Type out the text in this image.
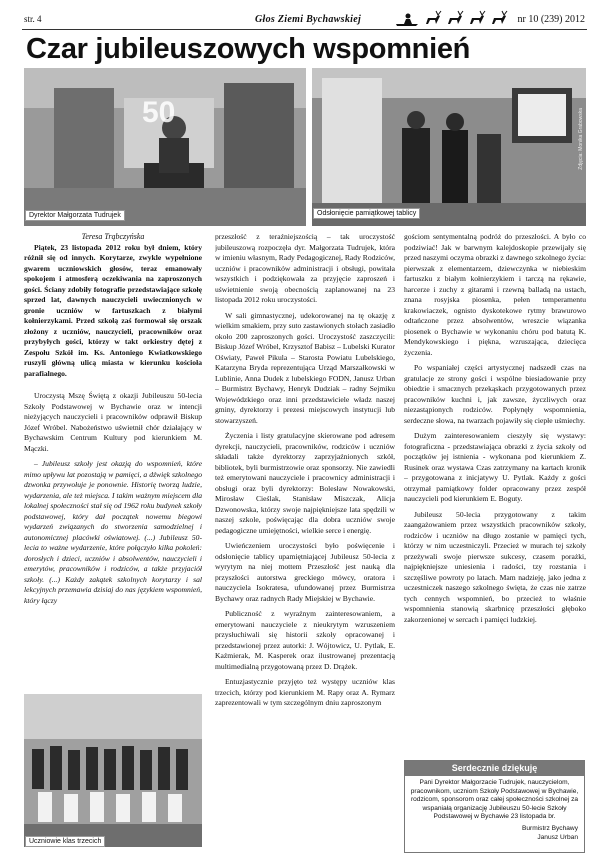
str. 4	Głos Ziemi Bychawskiej	nr 10 (239) 2012
Czar jubileuszowych wspomnień
50
Dyrektor Małgorzata Tudrujek
Zdjęcia: Monika Grabowska
Odsłonięcie pamiątkowej tablicy
Uczniowie klas trzecich

Teresa Trąbczyńska

Piątek, 23 listopada 2012 roku był dniem, który różnił się od innych. Korytarze, zwykle wypełnione gwarem uczniowskich głosów, teraz emanowały spokojem i atmosferą oczekiwania na zaproszonych gości. Ściany zdobiły fotografie przedstawiające szkołę sprzed lat, dawnych nauczycieli uwiecznionych w gronie uczniów w fartuszkach z białymi kołnierzykami. Przed szkołą zaś formował się orszak złożony z uczniów, nauczycieli, pracowników oraz przybyłych gości, którzy w takt orkiestry dętej z Zespołu Szkół im. Ks. Antoniego Kwiatkowskiego ruszyli główną ulicą miasta w kierunku kościoła parafialnego.

Uroczystą Mszę Świętą z okazji Jubileuszu 50-lecia Szkoły Podstawowej w Bychawie oraz w intencji nieżyjących nauczycieli i pracowników odprawił Biskup Józef Wróbel. Nabożeństwo uświetnił chór działający w Bychawskim Centrum Kultury pod kierunkiem M. Mączki.

– Jubileusz szkoły jest okazją do wspomnień, które mimo upływu lat pozostają w pamięci, a dźwięk szkolnego dzwonka przywołuje je ponownie. Historię tworzą ludzie, wydarzenia, ale też miejsca. I takim ważnym miejscem dla lokalnej społeczności stał się od 1962 roku budynek szkoły podstawowej, który dał początek nowemu biegowi wydarzeń związanych do stworzenia samodzielnej i autonomicznej placówki oświatowej. (...) Jubileusz 50-lecia to ważne wydarzenie, które połączyło kilka pokoleń: dorosłych i dzieci, uczniów i absolwentów, nauczycieli i emerytów, pracowników i rodziców, a także przyjaciół szkoły. (...) Każdy zakątek szkolnych korytarzy i sal lekcyjnych przemawia dzisiaj do nas językiem wspomnień, który łączy

przeszłość z teraźniejszością – tak uroczystość jubileuszową rozpoczęła dyr. Małgorzata Tudrujek, która w imieniu własnym, Rady Pedagogicznej, Rady Rodziców, uczniów i pracowników administracji i obsługi, powitała wszystkich i podziękowała za przyjęcie zaproszeń i uświetnienie swoją obecnością zaplanowanej na 23 listopada 2012 roku uroczystości.

W sali gimnastycznej, udekorowanej na tę okazję z wielkim smakiem, przy suto zastawionych stołach zasiadło około 200 zaproszonych gości. Uroczystość zaszczycili: Biskup Józef Wróbel, Krzysztof Babisz – Lubelski Kurator Oświaty, Paweł Pikula – Starosta Powiatu Lubelskiego, Katarzyna Bryda reprezentująca Urząd Marszałkowski w Lublinie, Anna Dudek z lubelskiego FODN, Janusz Urban – Burmistrz Bychawy, Henryk Dudziak – radny Sejmiku Wojewódzkiego oraz inni przedstawiciele władz naszej gminy, dyrektorzy i prezesi miejscowych instytucji lub stowarzyszeń.

Życzenia i listy gratulacyjne skierowane pod adresem dyrekcji, nauczycieli, pracowników, rodziców i uczniów składali także dyrektorzy zaprzyjaźnionych szkół, bibliotek, byli burmistrzowie oraz sponsorzy. Nie zawiedli też emerytowani nauczyciele i pracownicy administracji i obsługi oraz byli dyrektorzy: Bolesław Nowakowski, Mirosław Cieślak, Stanisław Miszczak, Alicja Dzwonowska, którzy swoje najpiękniejsze lata spędzili w naszej szkole, poświęcając dla dobra uczniów swoje pedagogiczne umiejętności, wielkie serce i energię.

Uwieńczeniem uroczystości było poświęcenie i odsłonięcie tablicy upamiętniającej Jubileusz 50-lecia z wyrytym na niej mottem Przeszłość jest nauką dla przyszłości autorstwa greckiego mówcy, oratora i nauczyciela Isokratesa, ufundowanej przez Burmistrza Bychawy oraz radnych Rady Miejskiej w Bychawie.

Publiczność z wyraźnym zainteresowaniem, a emerytowani nauczyciele z nieukrytym wzruszeniem przysłuchiwali się historii szkoły opracowanej i przedstawionej przez autorki: J. Wójtowicz, U. Pytlak, E. Kaźmierak, M. Kasperek oraz ilustrowanej prezentacją multimedialną przygotowaną przez D. Drążek.

Entuzjastycznie przyjęto też występy uczniów klas trzecich, którzy pod kierunkiem M. Rapy oraz A. Rymarz zaprezentowali w tym szczególnym dniu zaproszonym

gościom sentymentalną podróż do przeszłości. A było co podziwiać! Jak w barwnym kalejdoskopie przewijały się przed naszymi oczyma obrazki z dawnego szkolnego życia: pierwszak z elementarzem, dziewczynka w niebieskim fartuszku z białym kołnierzykiem i tarczą na rękawie, harcerze i zuchy z gitarami i rzewną balladą na ustach, znana rosyjska piosenka, pełen temperamentu krakowiaczek, ognisto dyskotekowe rytmy brawurowo odtańczone przez absolwentów, wreszcie wiązanka piosenek o Bychawie w wykonaniu chóru pod batutą K. Mendykowskiego i piękna, wzruszająca, dziecięca życzenia.

Po wspaniałej części artystycznej nadszedł czas na gratulacje ze strony gości i wspólne biesiadowanie przy obiedzie i smacznych przekąskach przygotowanych przez pracowników kuchni i, jak zawsze, życzliwych oraz niezastąpionych rodziców. Popłynęły wspomnienia, serdeczne słowa, na twarzach pojawiły się ciepłe uśmiechy.

Dużym zainteresowaniem cieszyły się wystawy: fotograficzna - przedstawiająca obrazki z życia szkoły od początków jej istnienia - wykonana pod kierunkiem Z. Rusinek oraz wystawa Czas zatrzymany na kartach kronik – przygotowana z inicjatywy U. Pytlak. Każdy z gości otrzymał pamiątkowy folder opracowany przez zespół nauczycieli pod kierunkiem E. Boguty.

Jubileusz 50-lecia przygotowany z takim zaangażowaniem przez wszystkich pracowników szkoły, rodziców i uczniów na długo zostanie w pamięci tych, którzy w nim uczestniczyli. Przecież w murach tej szkoły przeżywali swoje pierwsze sukcesy, czasem porażki, najpiękniejsze uniesienia i radości, tzy rozstania i szczęśliwe powroty po latach. Mam nadzieję, jako jedna z uczestniczek naszego szkolnego święta, że czas nie zatrze tych cennych wspomnień, bo przecież to właśnie wspomnienia stanowią skarbnicę przeszłości głęboko zakorzenionej w sercach i pamięci ludzkiej.

Serdecznie dziękuję
Pani Dyrektor Małgorzacie Tudrujek, nauczycielom, pracownikom, uczniom Szkoły Podstawowej w Bychawie, rodzicom, sponsorom oraz całej społeczności szkolnej za wspaniałą organizację Jubileuszu 50-lecie Szkoły Podstawowej w Bychawie 23 listopada br.
Burmistrz Bychawy
Janusz Urban
